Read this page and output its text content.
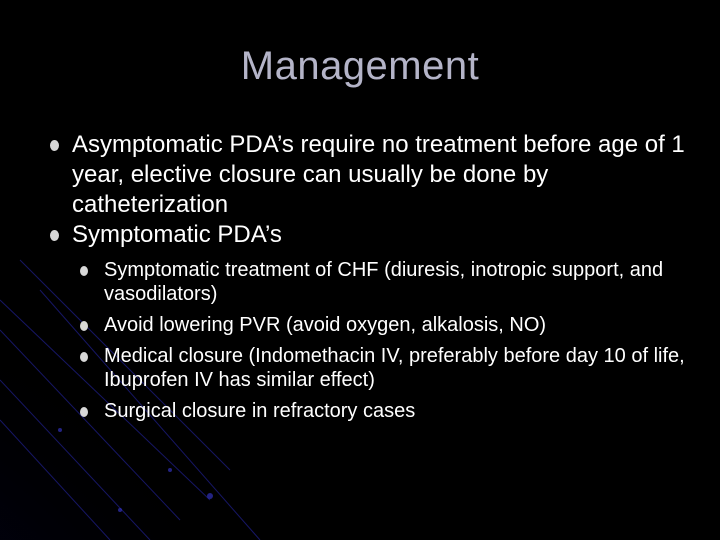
Management
Asymptomatic PDA’s require no treatment before age of 1 year, elective closure can usually be done by catheterization
Symptomatic PDA’s
Symptomatic treatment of CHF (diuresis, inotropic support, and vasodilators)
Avoid lowering PVR (avoid oxygen, alkalosis, NO)
Medical closure (Indomethacin IV, preferably before day 10 of life, Ibuprofen IV has similar effect)
Surgical closure in refractory cases
